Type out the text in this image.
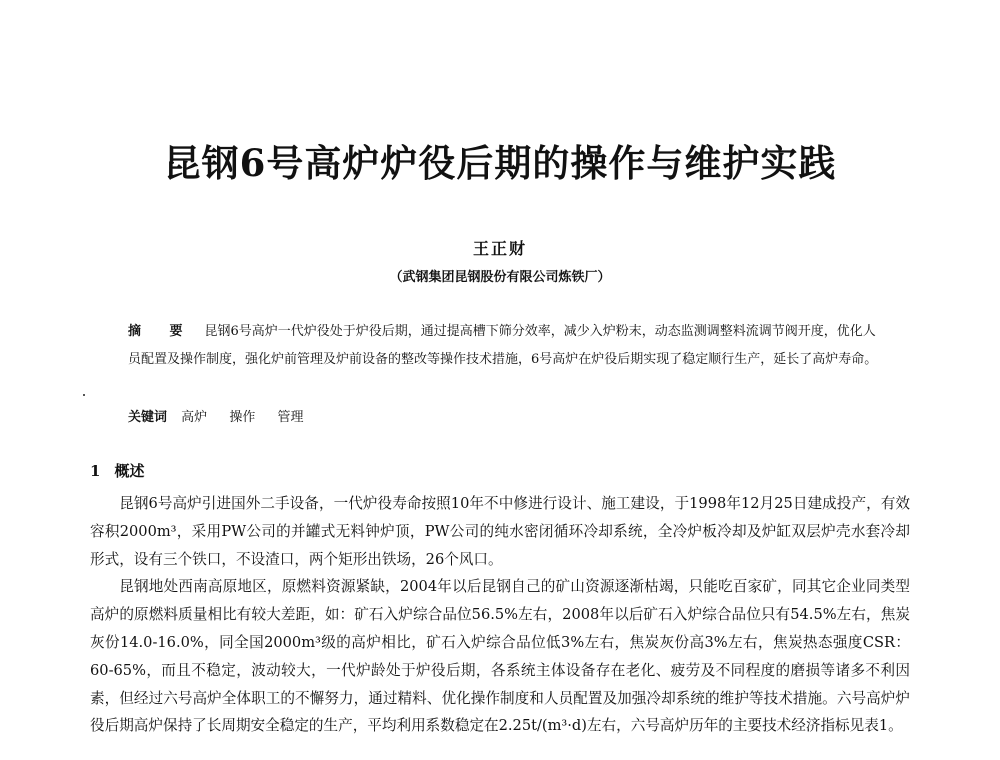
昆钢6号高炉炉役后期的操作与维护实践
王正财
（武钢集团昆钢股份有限公司炼铁厂）
摘 要 昆钢6号高炉一代炉役处于炉役后期，通过提高槽下筛分效率，减少入炉粉末，动态监测调整料流调节阀开度，优化人员配置及操作制度，强化炉前管理及炉前设备的整改等操作技术措施，6号高炉在炉役后期实现了稳定顺行生产，延长了高炉寿命。
关键词 高炉 操作 管理
1 概述

昆钢6号高炉引进国外二手设备，一代炉役寿命按照10年不中修进行设计、施工建设，于1998年12月25日建成投产，有效容积2000m³，采用PW公司的并罐式无料钟炉顶，PW公司的纯水密闭循环冷却系统，全冷炉板冷却及炉缸双层炉壳水套冷却形式，设有三个铁口，不设渣口，两个矩形出铁场，26个风口。

昆钢地处西南高原地区，原燃料资源紧缺，2004年以后昆钢自己的矿山资源逐渐枯竭，只能吃百家矿，同其它企业同类型高炉的原燃料质量相比有较大差距，如：矿石入炉综合品位56.5%左右，2008年以后矿石入炉综合品位只有54.5%左右，焦炭灰份14.0-16.0%，同全国2000m³级的高炉相比，矿石入炉综合品位低3%左右，焦炭灰份高3%左右，焦炭热态强度CSR：60-65%，而且不稳定，波动较大，一代炉龄处于炉役后期，各系统主体设备存在老化、疲劳及不同程度的磨损等诸多不利因素，但经过六号高炉全体职工的不懈努力，通过精料、优化操作制度和人员配置及加强冷却系统的维护等技术措施。六号高炉炉役后期高炉保持了长周期安全稳定的生产，平均利用系数稳定在2.25t/(m³·d)左右，六号高炉历年的主要技术经济指标见表1。
